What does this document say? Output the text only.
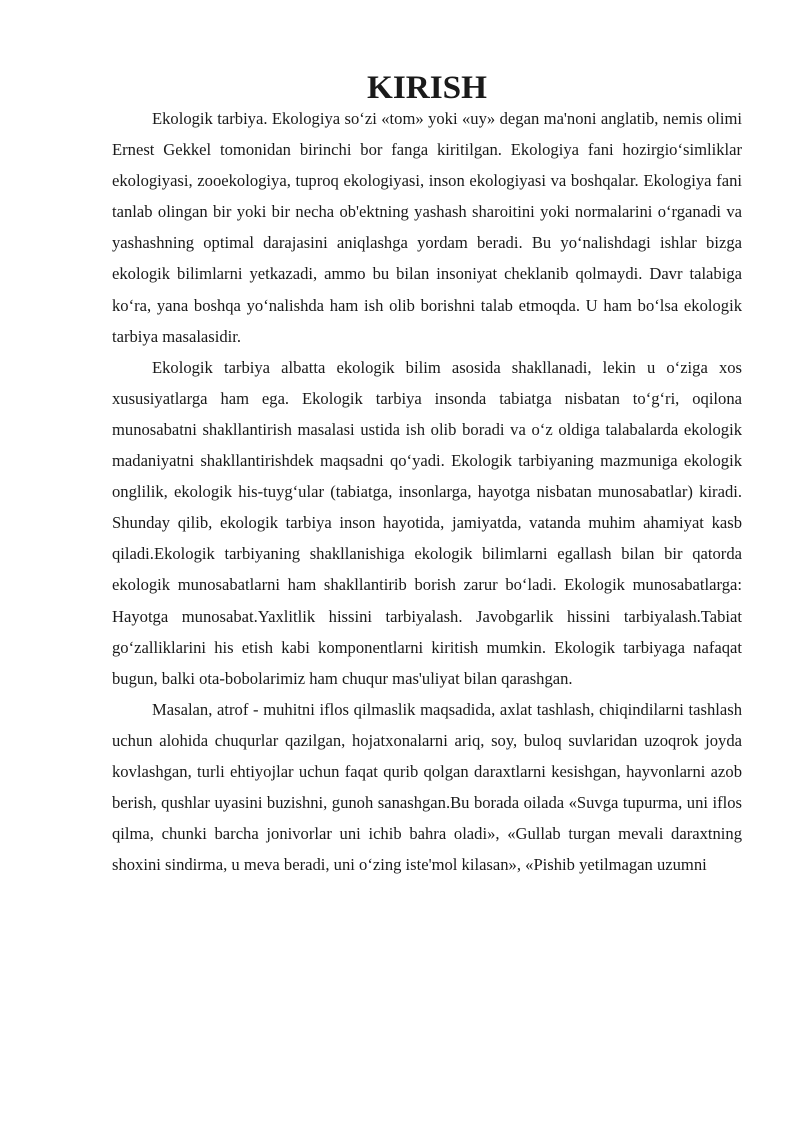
KIRISH

Ekologik tarbiya. Ekologiya so‘zi «tom» yoki «uy» degan ma'noni anglatib, nemis olimi Ernest Gekkel tomonidan birinchi bor fanga kiritilgan. Ekologiya fani hozirgio‘simliklar ekologiyasi, zooekologiya, tuproq ekologiyasi, inson ekologiyasi va boshqalar. Ekologiya fani tanlab olingan bir yoki bir necha ob'ektning yashash sharoitini yoki normalarini o‘rganadi va yashashning optimal darajasini aniqlashga yordam beradi. Bu yo‘nalishdagi ishlar bizga ekologik bilimlarni yetkazadi, ammo bu bilan insoniyat cheklanib qolmaydi. Davr talabiga ko‘ra, yana boshqa yo‘nalishda ham ish olib borishni talab etmoqda. U ham bo‘lsa ekologik tarbiya masalasidir.

Ekologik tarbiya albatta ekologik bilim asosida shakllanadi, lekin u o‘ziga xos xususiyatlarga ham ega. Ekologik tarbiya insonda tabiatga nisbatan to‘g‘ri, oqilona munosabatni shakllantirish masalasi ustida ish olib boradi va o‘z oldiga talabalarda ekologik madaniyatni shakllantirishdek maqsadni qo‘yadi. Ekologik tarbiyaning mazmuniga ekologik onglilik, ekologik his-tuyg‘ular (tabiatga, insonlarga, hayotga nisbatan munosabatlar) kiradi. Shunday qilib, ekologik tarbiya inson hayotida, jamiyatda, vatanda muhim ahamiyat kasb qiladi.Ekologik tarbiyaning shakllanishiga ekologik bilimlarni egallash bilan bir qatorda ekologik munosabatlarni ham shakllantirib borish zarur bo‘ladi. Ekologik munosabatlarga: Hayotga munosabat.Yaxlitlik hissini tarbiyalash. Javobgarlik hissini tarbiyalash.Tabiat go‘zalliklarini his etish kabi komponentlarni kiritish mumkin. Ekologik tarbiyaga nafaqat bugun, balki ota-bobolarimiz ham chuqur mas'uliyat bilan qarashgan.

Masalan, atrof - muhitni iflos qilmaslik maqsadida, axlat tashlash, chiqindilarni tashlash uchun alohida chuqurlar qazilgan, hojatxonalarni ariq, soy, buloq suvlaridan uzoqrok joyda kovlashgan, turli ehtiyojlar uchun faqat qurib qolgan daraxtlarni kesishgan, hayvonlarni azob berish, qushlar uyasini buzishni, gunoh sanashgan.Bu borada oilada «Suvga tupurma, uni iflos qilma, chunki barcha jonivorlar uni ichib bahra oladi», «Gullab turgan mevali daraxtning shoxini sindirma, u meva beradi, uni o‘zing iste'mol kilasan», «Pishib yetilmagan uzumni
